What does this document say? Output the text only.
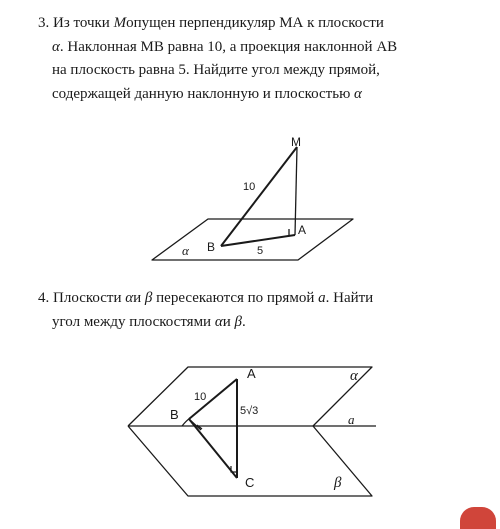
3. Из точки Mопущен перпендикуляр МА к плоскости
α. Наклонная МВ равна 10, а проекция наклонной АВ
на плоскость равна 5. Найдите угол между прямой,
содержащей данную наклонную и плоскостью α

M
A
B
α
10
5

4. Плоскости αи β пересекаются по прямой a. Найти
угол между плоскостями αи β.

A
B
C
α
β
a
10
5√3
